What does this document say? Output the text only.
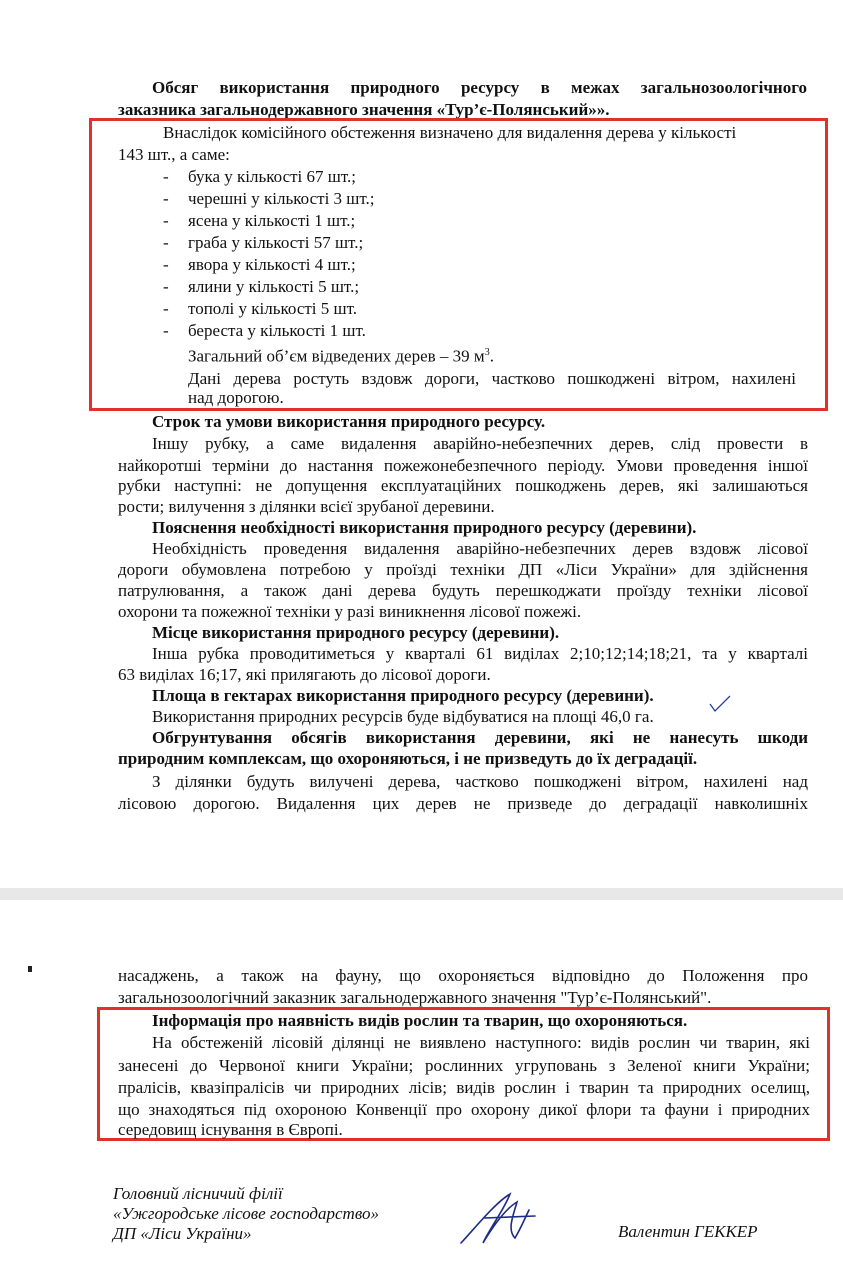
Обсяг використання природного ресурсу в межах загальнозоологічного
заказника загальнодержавного значення «Тур’є-Полянський»».
Внаслідок комісійного обстеження визначено для видалення дерева у кількості
143 шт., а саме:
- бука у кількості 67 шт.;
- черешні у кількості 3 шт.;
- ясена у кількості 1 шт.;
- граба у кількості 57 шт.;
- явора у кількості 4 шт.;
- ялини у кількості 5 шт.;
- тополі у кількості 5 шт.
- береста у кількості 1 шт.
Загальний об’єм відведених дерев – 39 $м^3$.
Дані дерева ростуть вздовж дороги, частково пошкоджені вітром, нахилені
над дорогою.
Строк та умови використання природного ресурсу.
Іншу рубку, а саме видалення аварійно-небезпечних дерев, слід провести в
найкоротші терміни до настання пожежонебезпечного періоду. Умови проведення іншої
рубки наступні: не допущення експлуатаційних пошкоджень дерев, які залишаються
рости; вилучення з ділянки всієї зрубаної деревини.
Пояснення необхідності використання природного ресурсу (деревини).
Необхідність проведення видалення аварійно-небезпечних дерев вздовж лісової
дороги обумовлена потребою у проїзді техніки ДП «Ліси України» для здійснення
патрулювання, а також дані дерева будуть перешкоджати проїзду техніки лісової
охорони та пожежної техніки у разі виникнення лісової пожежі.
Місце використання природного ресурсу (деревини).
Інша рубка проводитиметься у кварталі 61 виділах 2;10;12;14;18;21, та у кварталі
63 виділах 16;17, які прилягають до лісової дороги.
Площа в гектарах використання природного ресурсу (деревини).
Використання природних ресурсів буде відбуватися на площі 46,0 га.
Обгрунтування обсягів використання деревини, які не нанесуть шкоди
природним комплексам, що охороняються, і не призведуть до їх деградації.
З ділянки будуть вилучені дерева, частково пошкоджені вітром, нахилені над
лісовою дорогою. Видалення цих дерев не призведе до деградації навколишніх
насаджень, а також на фауну, що охороняється відповідно до Положення про
загальнозоологічний заказник загальнодержавного значення "Тур’є-Полянський".
Інформація про наявність видів рослин та тварин, що охороняються.
На обстеженій лісовій ділянці не виявлено наступного: видів рослин чи тварин, які
занесені до Червоної книги України; рослинних угруповань з Зеленої книги України;
пралісів, квазіпралісів чи природних лісів; видів рослин і тварин та природних оселищ,
що знаходяться під охороною Конвенції про охорону дикої флори та фауни і природних
середовищ існування в Європі.
Головний лісничий філії
«Ужгородське лісове господарство»
ДП «Ліси України»	Валентин ГЕККЕР
